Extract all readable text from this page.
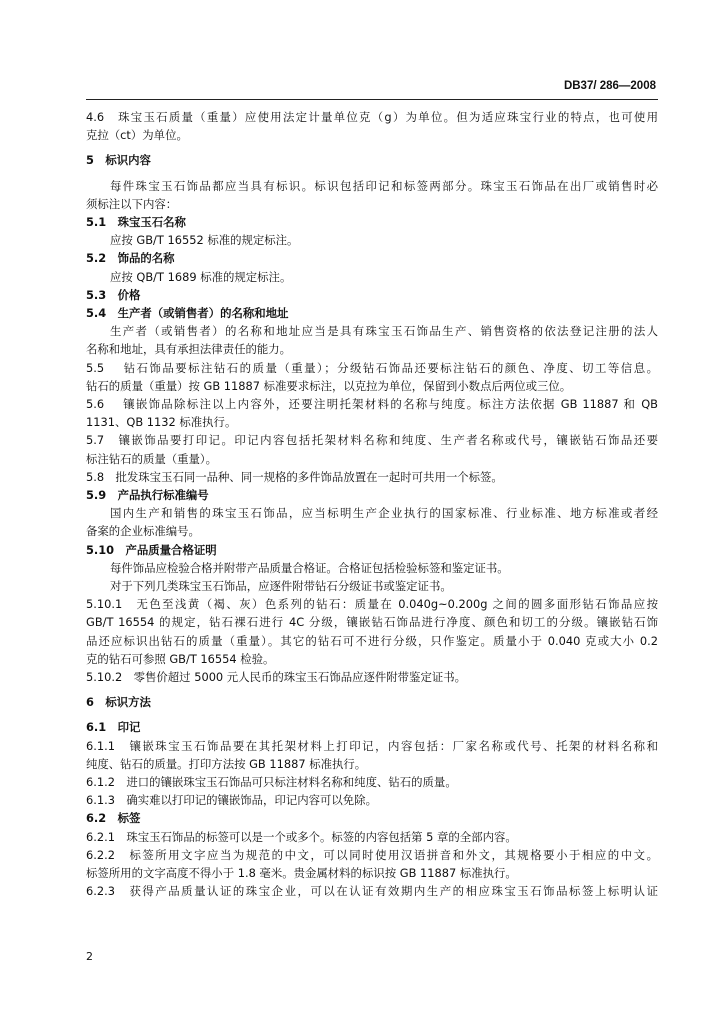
DB37/ 286—2008
4.6　珠宝玉石质量（重量）应使用法定计量单位克（g）为单位。但为适应珠宝行业的特点，也可使用
克拉（ct）为单位。
5　标识内容
每件珠宝玉石饰品都应当具有标识。标识包括印记和标签两部分。珠宝玉石饰品在出厂或销售时必
须标注以下内容：
5.1　珠宝玉石名称
应按 GB/T 16552 标准的规定标注。
5.2　饰品的名称
应按 QB/T 1689 标准的规定标注。
5.3　价格
5.4　生产者（或销售者）的名称和地址
生产者（或销售者）的名称和地址应当是具有珠宝玉石饰品生产、销售资格的依法登记注册的法人
名称和地址，具有承担法律责任的能力。
5.5　 钻石饰品要标注钻石的质量（重量）；分级钻石饰品还要标注钻石的颜色、净度、切工等信息。
钻石的质量（重量）按 GB 11887 标准要求标注，以克拉为单位，保留到小数点后两位或三位。
5.6　 镶嵌饰品除标注以上内容外，还要注明托架材料的名称与纯度。标注方法依据 GB 11887 和 QB
1131、QB 1132 标准执行。
5.7　镶嵌饰品要打印记。印记内容包括托架材料名称和纯度、生产者名称或代号，镶嵌钻石饰品还要
标注钻石的质量（重量）。
5.8　批发珠宝玉石同一品种、同一规格的多件饰品放置在一起时可共用一个标签。
5.9　产品执行标准编号
国内生产和销售的珠宝玉石饰品，应当标明生产企业执行的国家标准、行业标准、地方标准或者经
备案的企业标准编号。
5.10　产品质量合格证明
每件饰品应检验合格并附带产品质量合格证。合格证包括检验标签和鉴定证书。
对于下列几类珠宝玉石饰品，应逐件附带钻石分级证书或鉴定证书。
5.10.1　无色至浅黄（褐、灰）色系列的钻石：质量在 0.040g~0.200g 之间的圆多面形钻石饰品应按
GB/T 16554 的规定，钻石裸石进行 4C 分级，镶嵌钻石饰品进行净度、颜色和切工的分级。镶嵌钻石饰
品还应标识出钻石的质量（重量）。其它的钻石可不进行分级，只作鉴定。质量小于 0.040 克或大小 0.2
克的钻石可参照 GB/T 16554 检验。
5.10.2　零售价超过 5000 元人民币的珠宝玉石饰品应逐件附带鉴定证书。
6　标识方法
6.1　印记
6.1.1　镶嵌珠宝玉石饰品要在其托架材料上打印记，内容包括：厂家名称或代号、托架的材料名称和
纯度、钻石的质量。打印方法按 GB 11887 标准执行。
6.1.2　进口的镶嵌珠宝玉石饰品可只标注材料名称和纯度、钻石的质量。
6.1.3　确实难以打印记的镶嵌饰品，印记内容可以免除。
6.2　标签
6.2.1　珠宝玉石饰品的标签可以是一个或多个。标签的内容包括第 5 章的全部内容。
6.2.2　标签所用文字应当为规范的中文，可以同时使用汉语拼音和外文，其规格要小于相应的中文。
标签所用的文字高度不得小于 1.8 毫米。贵金属材料的标识按 GB 11887 标准执行。
6.2.3　获得产品质量认证的珠宝企业，可以在认证有效期内生产的相应珠宝玉石饰品标签上标明认证
2
